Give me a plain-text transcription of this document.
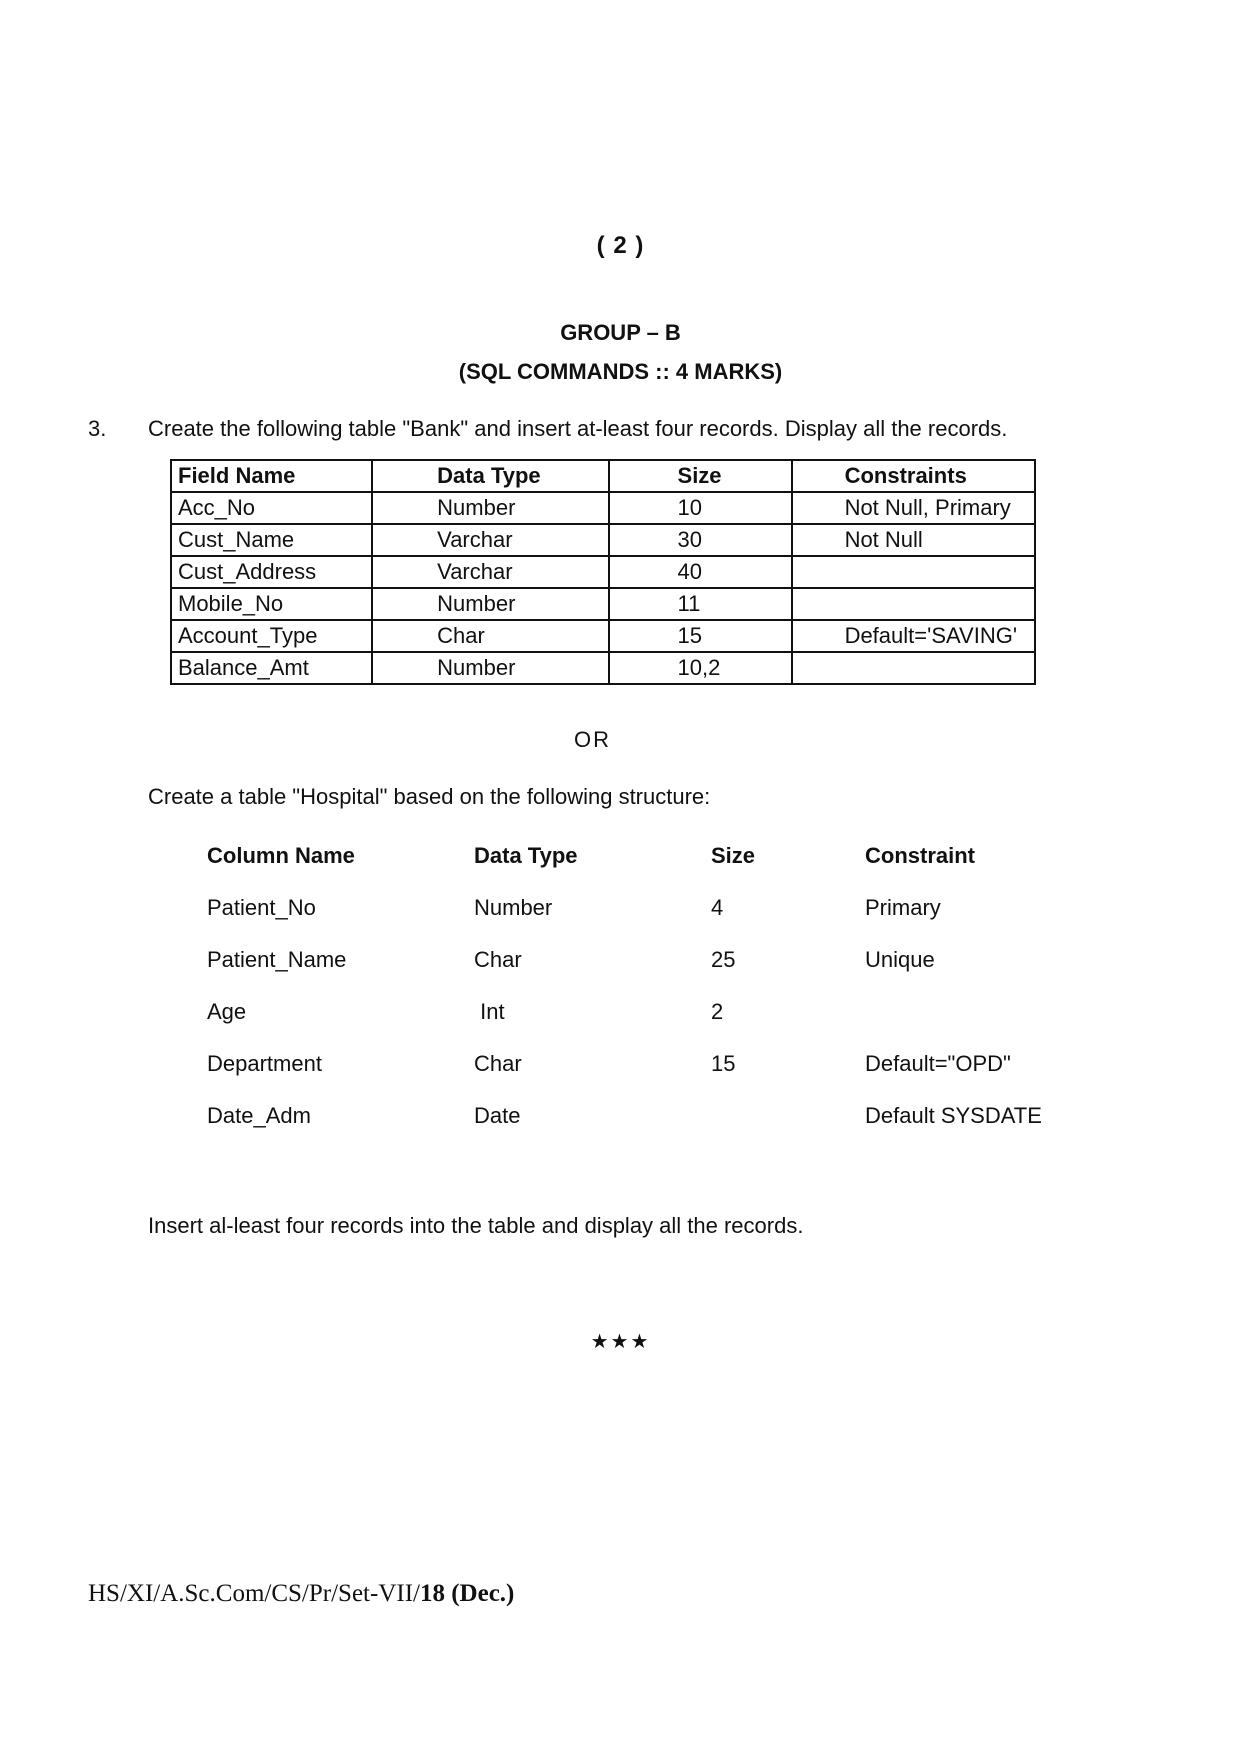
( 2 )
GROUP – B
(SQL COMMANDS :: 4 MARKS)
3. Create the following table "Bank" and insert at-least four records. Display all the records.
Field Name	Data Type	Size	Constraints
Acc_No	Number	10	Not Null, Primary
Cust_Name	Varchar	30	Not Null
Cust_Address	Varchar	40	
Mobile_No	Number	11	
Account_Type	Char	15	Default='SAVING'
Balance_Amt	Number	10,2	
OR
Create a table "Hospital" based on the following structure:
Column Name	Data Type	Size	Constraint
Patient_No	Number	4	Primary
Patient_Name	Char	25	Unique
Age	Int	2	
Department	Char	15	Default="OPD"
Date_Adm	Date		Default SYSDATE
Insert al-least four records into the table and display all the records.
★★★
HS/XI/A.Sc.Com/CS/Pr/Set-VII/18 (Dec.)
